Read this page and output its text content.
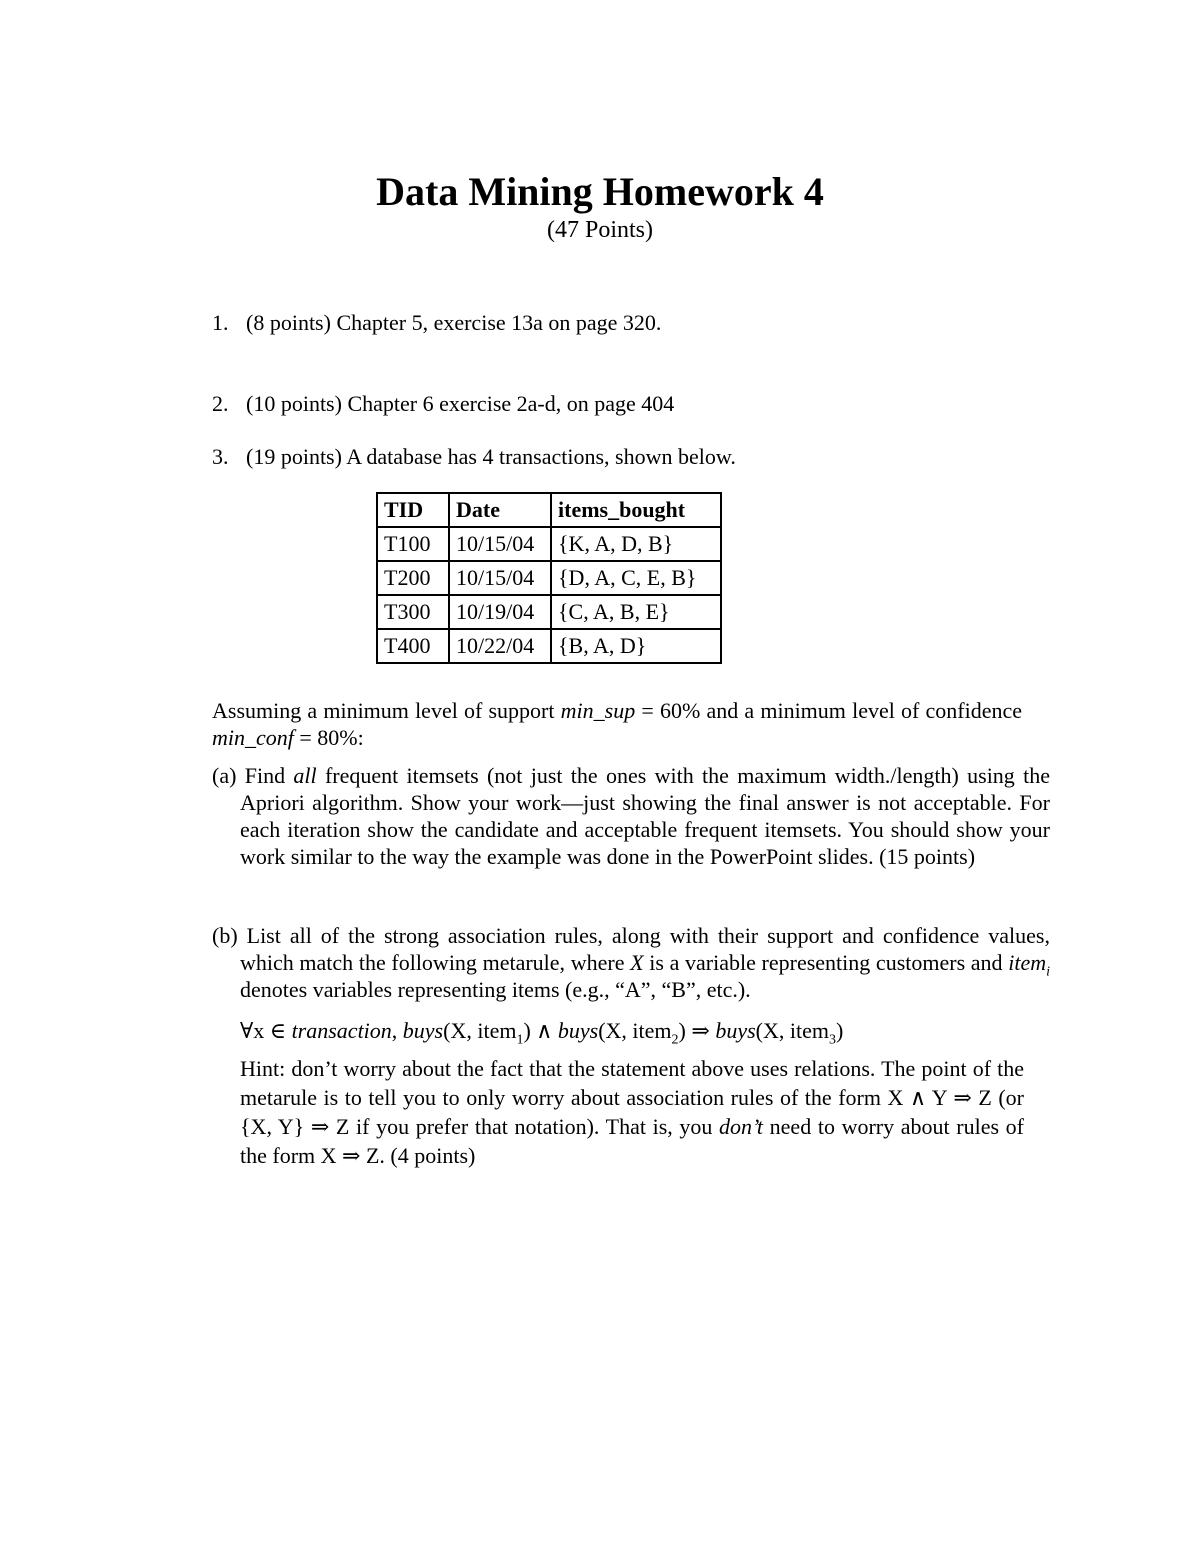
Data Mining Homework 4
(47 Points)
1. (8 points) Chapter 5, exercise 13a on page 320.
2. (10 points) Chapter 6 exercise 2a-d, on page 404
3. (19 points) A database has 4 transactions, shown below.
TID	Date	items_bought
T100	10/15/04	{K, A, D, B}
T200	10/15/04	{D, A, C, E, B}
T300	10/19/04	{C, A, B, E}
T400	10/22/04	{B, A, D}
Assuming a minimum level of support min_sup = 60% and a minimum level of confidence min_conf = 80%:
(a) Find all frequent itemsets (not just the ones with the maximum width./length) using the Apriori algorithm. Show your work—just showing the final answer is not acceptable. For each iteration show the candidate and acceptable frequent itemsets. You should show your work similar to the way the example was done in the PowerPoint slides. (15 points)
(b) List all of the strong association rules, along with their support and confidence values, which match the following metarule, where X is a variable representing customers and item$_i$ denotes variables representing items (e.g., “A”, “B”, etc.).
∀x ∈ transaction, buys(X, item$_1$) ∧ buys(X, item$_2$) ⇒ buys(X, item$_3$)
Hint: don’t worry about the fact that the statement above uses relations. The point of the metarule is to tell you to only worry about association rules of the form X ∧ Y ⇒ Z (or {X, Y} ⇒ Z if you prefer that notation). That is, you don’t need to worry about rules of the form X ⇒ Z. (4 points)
